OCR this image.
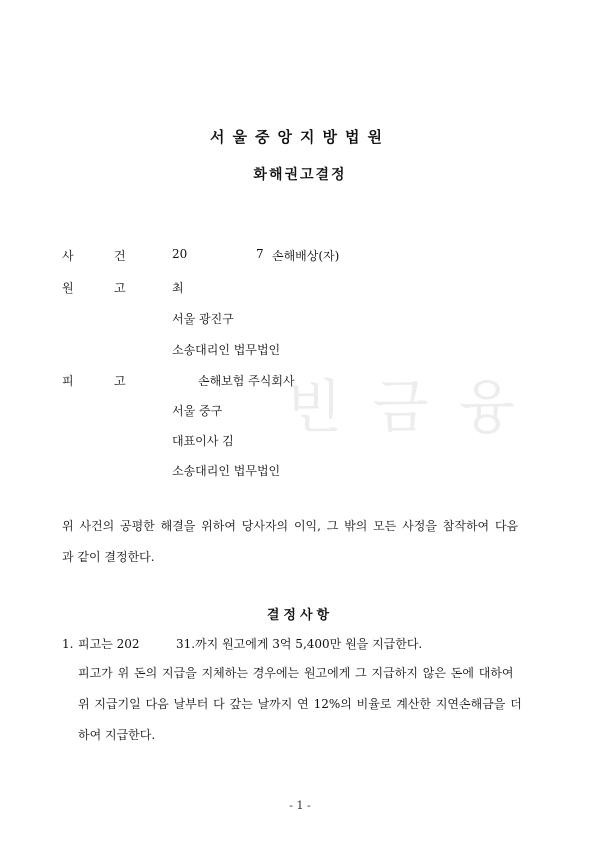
서울중앙지방법원
화해권고결정
빈 금 융
사	건	20	7 손해배상(자)
원	고	최
서울 광진구
소송대리인 법무법인
피	고	손해보험 주식회사
서울 중구
대표이사 김
소송대리인 법무법인
위 사건의 공평한 해결을 위하여 당사자의 이익, 그 밖의 모든 사정을 참작하여 다음
과 같이 결정한다.
결정사항
1. 피고는 202	31.까지 원고에게 3억 5,400만 원을 지급한다.
피고가 위 돈의 지급을 지체하는 경우에는 원고에게 그 지급하지 않은 돈에 대하여
위 지급기일 다음 날부터 다 갚는 날까지 연 12%의 비율로 계산한 지연손해금을 더
하여 지급한다.
- 1 -
